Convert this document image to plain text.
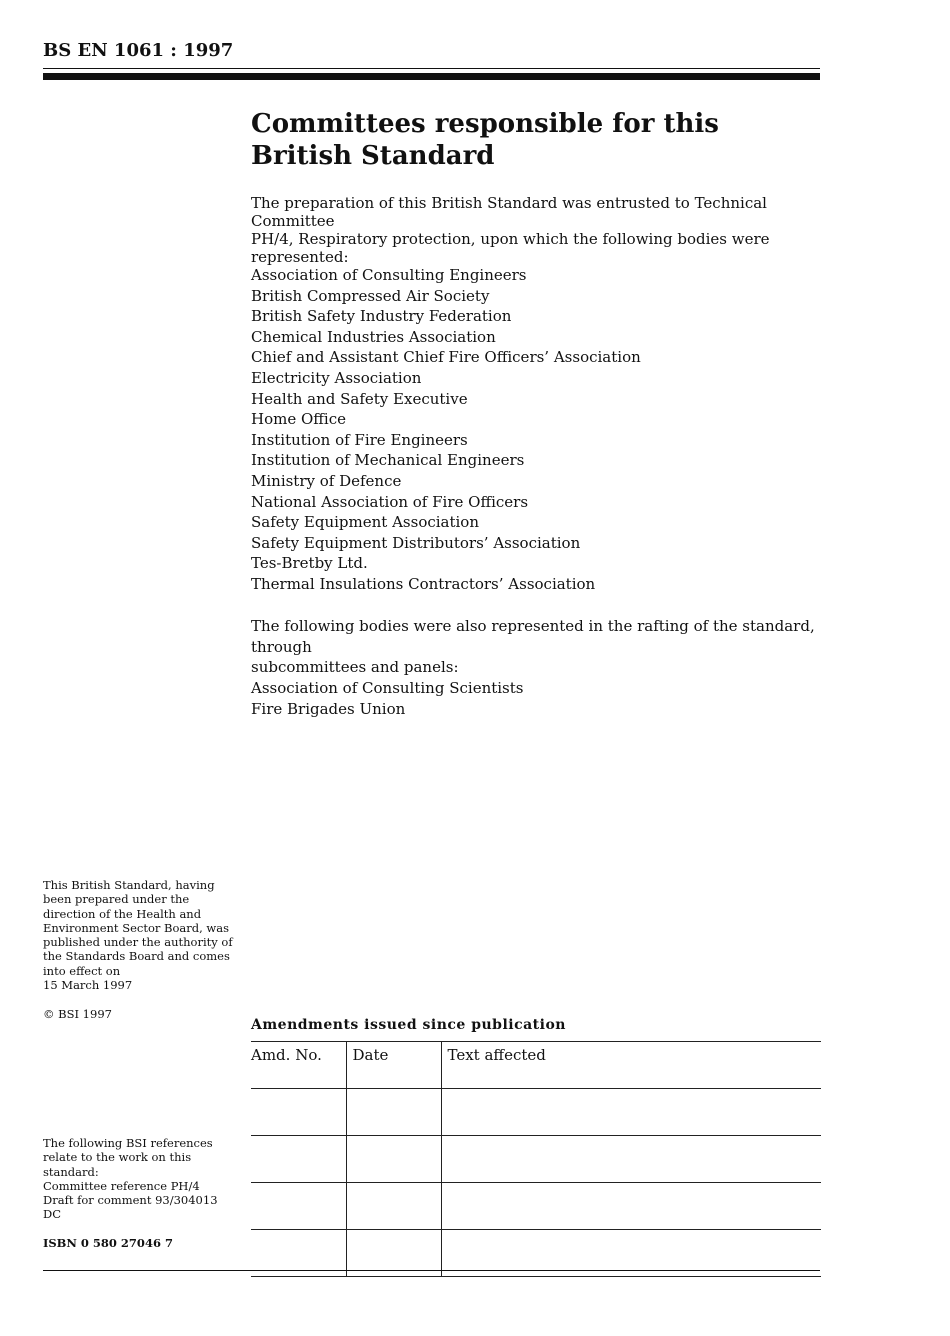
BS EN 1061 : 1997
Committees responsible for this
British Standard
The preparation of this British Standard was entrusted to Technical Committee
PH/4, Respiratory protection, upon which the following bodies were represented:
Association of Consulting Engineers
British Compressed Air Society
British Safety Industry Federation
Chemical Industries Association
Chief and Assistant Chief Fire Officers’ Association
Electricity Association
Health and Safety Executive
Home Office
Institution of Fire Engineers
Institution of Mechanical Engineers
Ministry of Defence
National Association of Fire Officers
Safety Equipment Association
Safety Equipment Distributors’ Association
Tes-Bretby Ltd.
Thermal Insulations Contractors’ Association
The following bodies were also represented in the rafting of the standard, through
subcommittees and panels:
Association of Consulting Scientists
Fire Brigades Union
This British Standard, having
been prepared under the
direction of the Health and
Environment Sector Board, was
published under the authority of
the Standards Board and comes
into effect on
15 March 1997
© BSI 1997
The following BSI references
relate to the work on this
standard:
Committee reference PH/4
Draft for comment 93/304013 DC
ISBN 0 580 27046 7
Amendments issued since publication
Amd. No.	Date	Text affected
